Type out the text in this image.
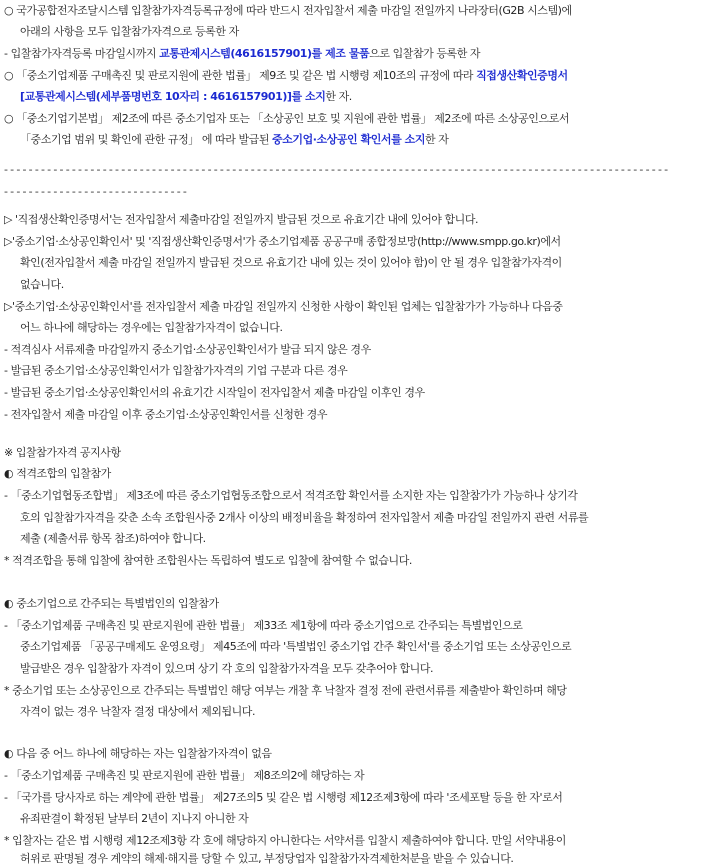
○ 국가공합전자조달시스템 입찰참가자격등록규정에 따라 반드시 전자입찰서 제출 마감일 전일까지 나라장터(G2B 시스템)에
아래의 사항을 모두 입찰참가자격으로 등록한 자
- 입찰참가자격등록 마감일시까지 교통관제시스템(4616157901)를 제조 물품으로 입찰참가 등록한 자
○ 「중소기업제품 구매촉진 및 판로지원에 관한 법률」 제9조 및 같은 법 시행령 제10조의 규정에 따라 직접생산확인증명서
[교통관제시스템(세부품명번호 10자리 : 4616157901)]를 소지한 자.
○ 「중소기업기본법」 제2조에 따른 중소기업자 또는 「소상공인 보호 및 지원에 관한 법률」 제2조에 따른 소상공인으로서
「중소기업 범위 및 확인에 관한 규정」 에 따라 발급된 중소기업·소상공인 확인서를 소지한 자
------------------------------------------------------------------------------------------------------------
------------------------------
▷ '직접생산확인증명서'는 전자입찰서 제출마감일 전일까지 발급된 것으로 유효기간 내에 있어야 합니다.
▷'중소기업·소상공인확인서' 및 '직접생산확인증명서'가 중소기업제품 공공구매 종합정보망(http://www.smpp.go.kr)에서
확인(전자입찰서 제출 마감일 전일까지 발급된 것으로 유효기간 내에 있는 것이 있어야 함)이 안 될 경우 입찰참가자격이
없습니다.
▷'중소기업·소상공인확인서'를 전자입찰서 제출 마감일 전일까지 신청한 사항이 확인된 업체는 입찰참가가 가능하나 다음중
어느 하나에 해당하는 경우에는 입찰참가자격이 없습니다.
- 적격심사 서류제출 마감일까지 중소기업·소상공인확인서가 발급 되지 않은 경우
- 발급된 중소기업·소상공인확인서가 입찰참가자격의 기업 구분과 다른 경우
- 발급된 중소기업·소상공인확인서의 유효기간 시작일이 전자입찰서 제출 마감일 이후인 경우
- 전자입찰서 제출 마감일 이후 중소기업·소상공인확인서를 신청한 경우
※ 입찰참가자격 공지사항
◐ 적격조합의 입찰참가
- 「중소기업협동조합법」 제3조에 따른 중소기업협동조합으로서 적격조합 확인서를 소지한 자는 입찰참가가 가능하나 상기각
호의 입찰참가자격을 갖춘 소속 조합원사중 2개사 이상의 배정비율을 확정하여 전자입찰서 제출 마감일 전일까지 관련 서류를
제출 (제출서류 항목 참조)하여야 합니다.
* 적격조합을 통해 입찰에 참여한 조합원사는 독립하여 별도로 입찰에 참여할 수 없습니다.
◐ 중소기업으로 간주되는 특별법인의 입찰참가
- 「중소기업제품 구매촉진 및 판로지원에 관한 법률」 제33조 제1항에 따라 중소기업으로 간주되는 특별법인으로
중소기업제품 「공공구매제도 운영요령」 제45조에 따라 '특별법인 중소기업 간주 확인서'를 중소기업 또는 소상공인으로
발급받은 경우 입찰참가 자격이 있으며 상기 각 호의 입찰참가자격을 모두 갖추어야 합니다.
* 중소기업 또는 소상공인으로 간주되는 특별법인 해당 여부는 개찰 후 낙찰자 결정 전에 관련서류를 제출받아 확인하며 해당
자격이 없는 경우 낙찰자 결정 대상에서 제외됩니다.
◐ 다음 중 어느 하나에 해당하는 자는 입찰참가자격이 없음
- 「중소기업제품 구매촉진 및 판로지원에 관한 법률」 제8조의2에 해당하는 자
- 「국가를 당사자로 하는 계약에 관한 법률」 제27조의5 및 같은 법 시행령 제12조제3항에 따라 '조세포탈 등을 한 자'로서
유죄판결이 확정된 날부터 2년이 지나지 아니한 자
* 입찰자는 같은 법 시행령 제12조제3항 각 호에 해당하지 아니한다는 서약서를 입찰시 제출하여야 합니다. 만일 서약내용이
허위로 판명될 경우 계약의 해제·해지를 당할 수 있고, 부정당업자 입찰참가자격제한처분을 받을 수 있습니다.
